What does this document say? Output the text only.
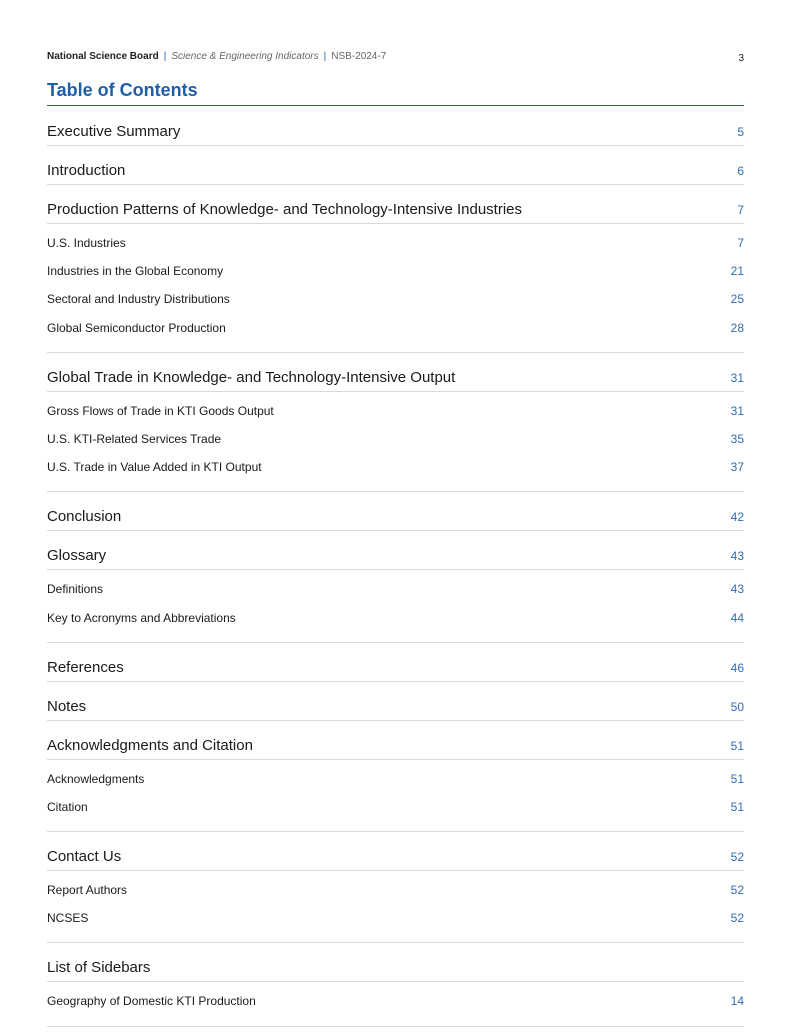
National Science Board | Science & Engineering Indicators | NSB-2024-7	3
Table of Contents
Executive Summary	5
Introduction	6
Production Patterns of Knowledge- and Technology-Intensive Industries	7
U.S. Industries	7
Industries in the Global Economy	21
Sectoral and Industry Distributions	25
Global Semiconductor Production	28
Global Trade in Knowledge- and Technology-Intensive Output	31
Gross Flows of Trade in KTI Goods Output	31
U.S. KTI-Related Services Trade	35
U.S. Trade in Value Added in KTI Output	37
Conclusion	42
Glossary	43
Definitions	43
Key to Acronyms and Abbreviations	44
References	46
Notes	50
Acknowledgments and Citation	51
Acknowledgments	51
Citation	51
Contact Us	52
Report Authors	52
NCSES	52
List of Sidebars
Geography of Domestic KTI Production	14
